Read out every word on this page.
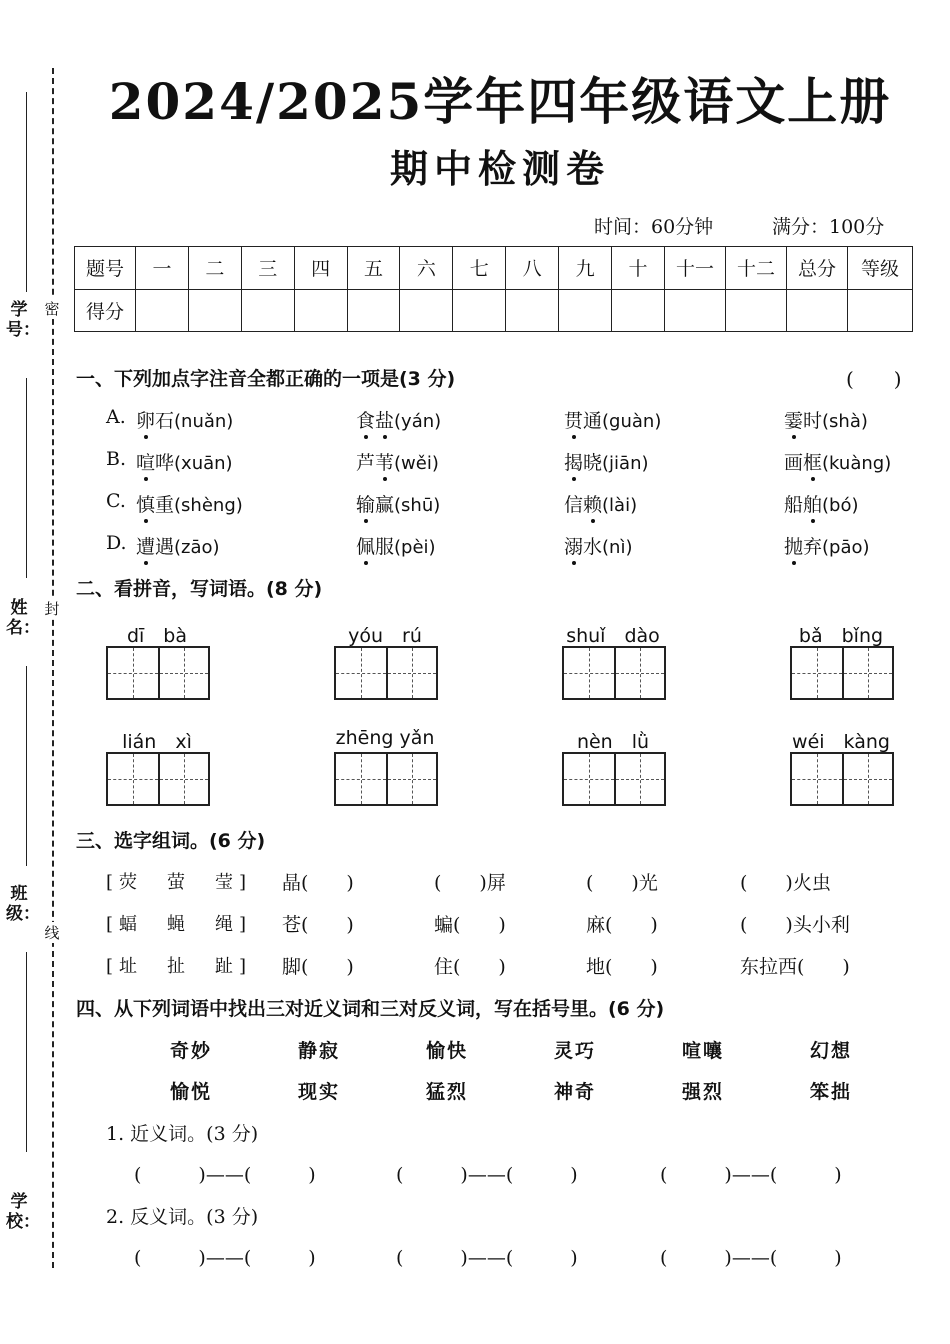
学号：
姓名：
班级：
学校：
密
封
线
2024/2025学年四年级语文上册
期中检测卷
时间：60分钟	满分：100分
题号	一	二	三	四	五	六	七	八	九	十	十一	十二	总分	等级
得分														
一、下列加点字注音全都正确的一项是(3 分)	(　　)
A. 卵石(nuǎn)	食盐(yán)	贯通(guàn)	霎时(shà)
B. 喧哗(xuān)	芦苇(wěi)	揭晓(jiān)	画框(kuàng)
C. 慎重(shèng)	输赢(shū)	信赖(lài)	船舶(bó)
D. 遭遇(zāo)	佩服(pèi)	溺水(nì)	抛弃(pāo)
二、看拼音，写词语。(8 分)
dī　bà	yóu　rú	shuǐ　dào	bǎ　bǐng
lián　xì	zhēng yǎn	nèn　lǜ	wéi　kàng
三、选字组词。(6 分)
[荧　萤　莹] 晶(　　)	(　　)屏	(　　)光	(　　)火虫
[蝠　蝇　绳] 苍(　　)	蝙(　　)	麻(　　)	(　　)头小利
[址　扯　趾] 脚(　　)	住(　　)	地(　　)	东拉西(　　)
四、从下列词语中找出三对近义词和三对反义词，写在括号里。(6 分)
奇妙	静寂	愉快	灵巧	喧嚷	幻想
愉悦	现实	猛烈	神奇	强烈	笨拙
1. 近义词。(3 分)
(　　　)——(　　　)	(　　　)——(　　　)	(　　　)——(　　　)
2. 反义词。(3 分)
(　　　)——(　　　)	(　　　)——(　　　)	(　　　)——(　　　)
